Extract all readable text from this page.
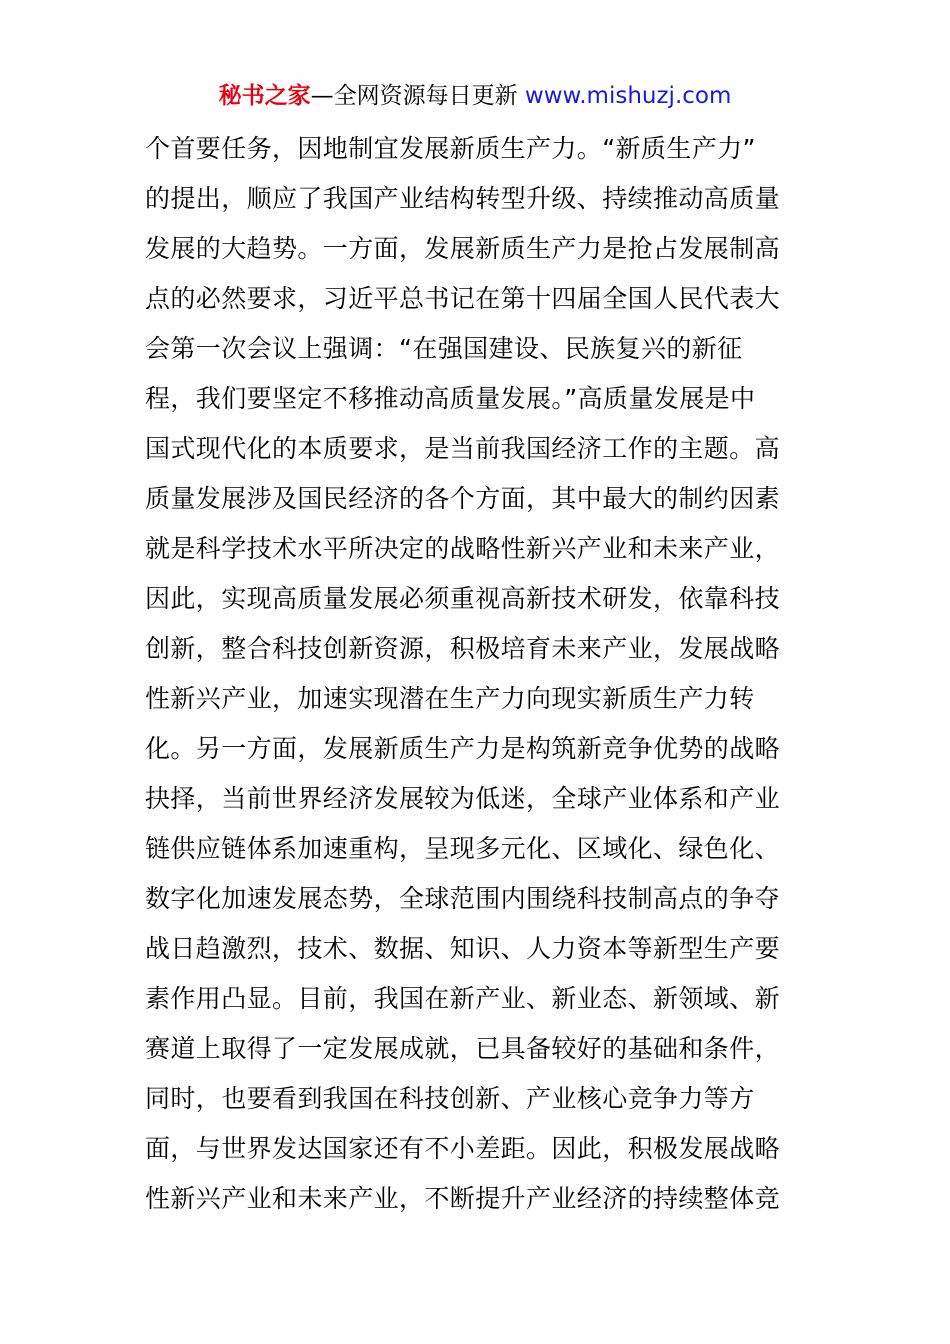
秘书之家—全网资源每日更新 www.mishuzj.com
个首要任务，因地制宜发展新质生产力。“新质生产力”
的提出，顺应了我国产业结构转型升级、持续推动高质量
发展的大趋势。一方面，发展新质生产力是抢占发展制高
点的必然要求，习近平总书记在第十四届全国人民代表大
会第一次会议上强调：“在强国建设、民族复兴的新征
程，我们要坚定不移推动高质量发展。”高质量发展是中
国式现代化的本质要求，是当前我国经济工作的主题。高
质量发展涉及国民经济的各个方面，其中最大的制约因素
就是科学技术水平所决定的战略性新兴产业和未来产业，
因此，实现高质量发展必须重视高新技术研发，依靠科技
创新，整合科技创新资源，积极培育未来产业，发展战略
性新兴产业，加速实现潜在生产力向现实新质生产力转
化。另一方面，发展新质生产力是构筑新竞争优势的战略
抉择，当前世界经济发展较为低迷，全球产业体系和产业
链供应链体系加速重构，呈现多元化、区域化、绿色化、
数字化加速发展态势，全球范围内围绕科技制高点的争夺
战日趋激烈，技术、数据、知识、人力资本等新型生产要
素作用凸显。目前，我国在新产业、新业态、新领域、新
赛道上取得了一定发展成就，已具备较好的基础和条件，
同时，也要看到我国在科技创新、产业核心竞争力等方
面，与世界发达国家还有不小差距。因此，积极发展战略
性新兴产业和未来产业，不断提升产业经济的持续整体竞
